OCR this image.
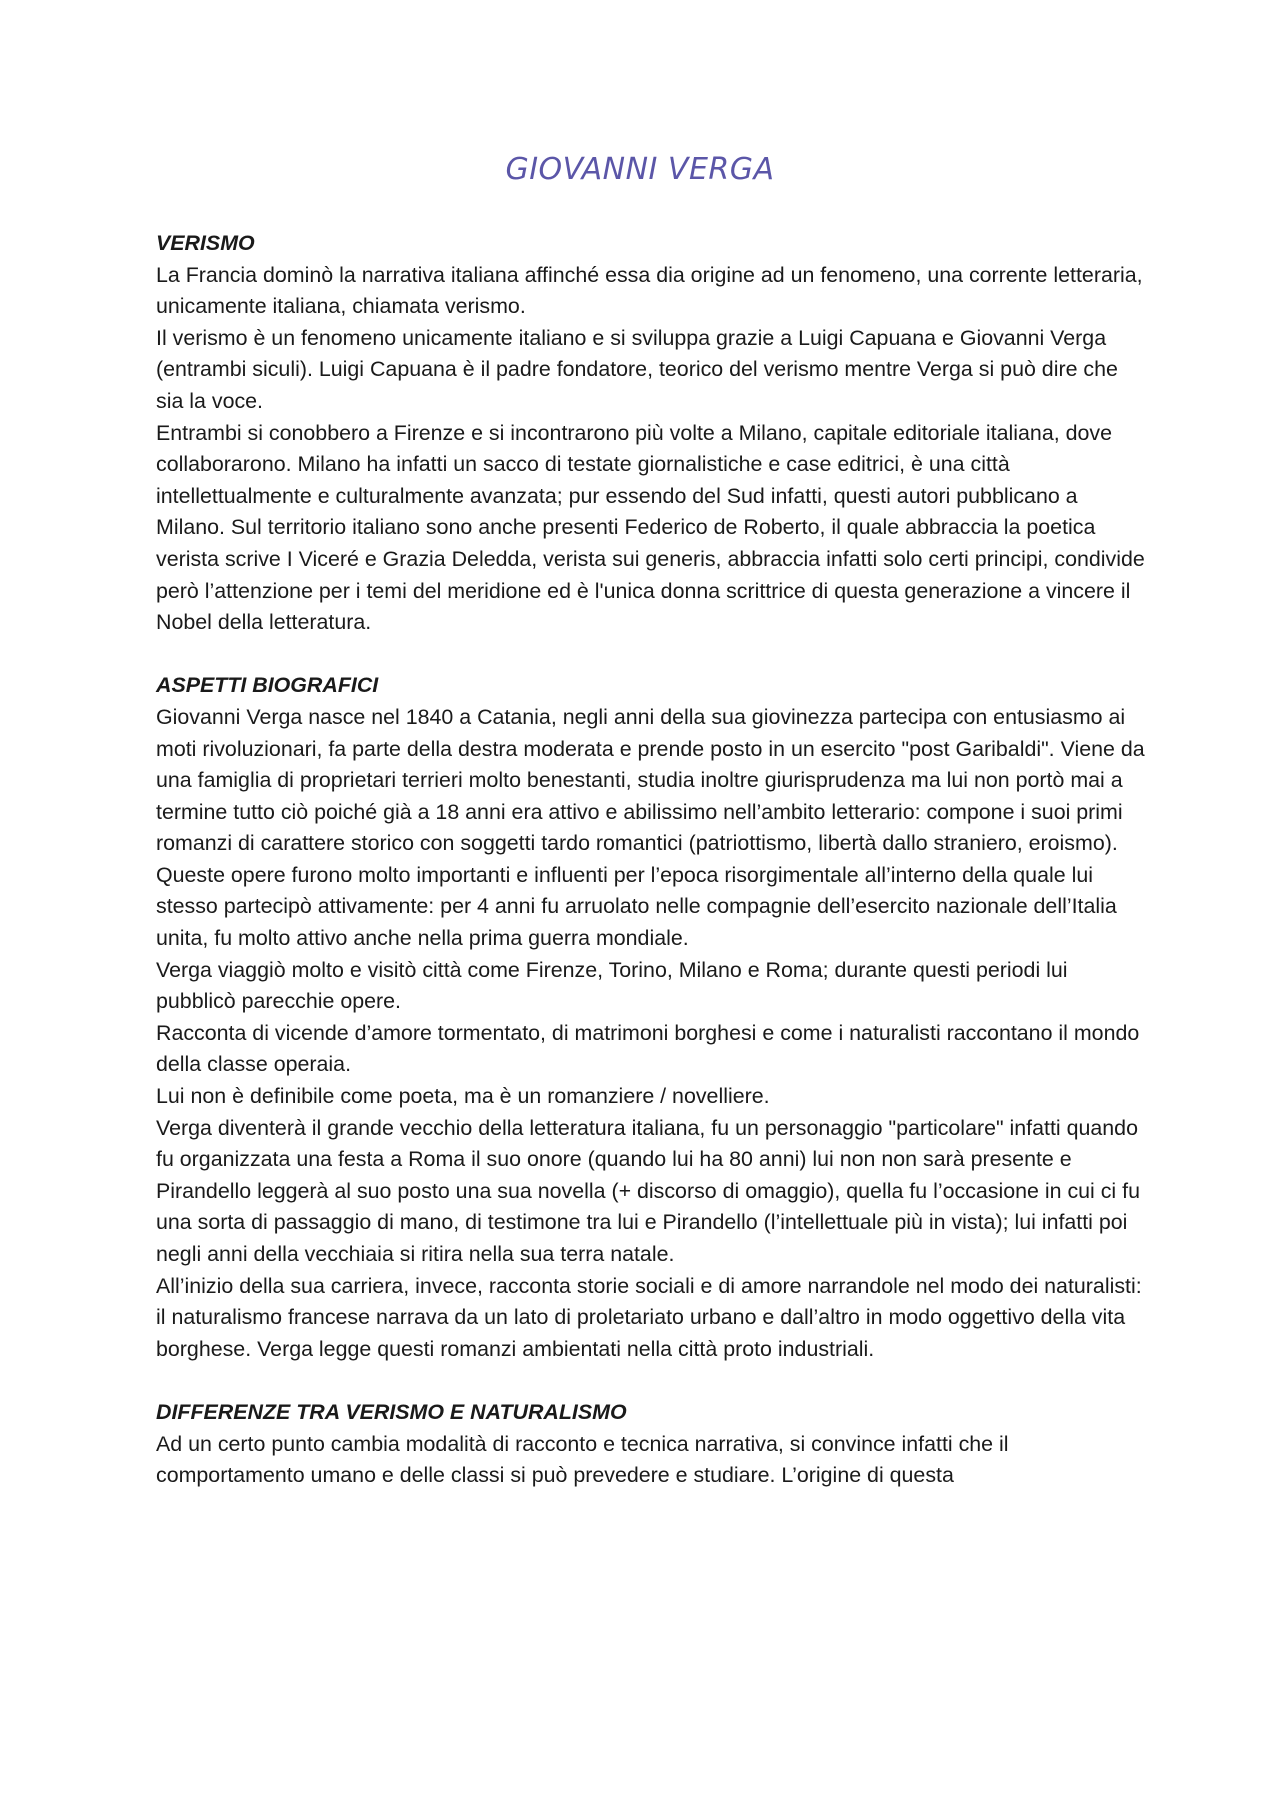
GIOVANNI VERGA

VERISMO

La Francia dominò la narrativa italiana affinché essa dia origine ad un fenomeno, una corrente letteraria, unicamente italiana, chiamata verismo.

Il verismo è un fenomeno unicamente italiano e si sviluppa grazie a Luigi Capuana e Giovanni Verga (entrambi siculi). Luigi Capuana è il padre fondatore, teorico del verismo mentre Verga si può dire che sia la voce.

Entrambi si conobbero a Firenze e si incontrarono più volte a Milano, capitale editoriale italiana, dove collaborarono. Milano ha infatti un sacco di testate giornalistiche e case editrici, è una città intellettualmente e culturalmente avanzata; pur essendo del Sud infatti, questi autori pubblicano a Milano. Sul territorio italiano sono anche presenti Federico de Roberto, il quale abbraccia la poetica verista scrive I Viceré e Grazia Deledda, verista sui generis, abbraccia infatti solo certi principi, condivide però l’attenzione per i temi del meridione ed è l'unica donna scrittrice di questa generazione a vincere il Nobel della letteratura.

ASPETTI BIOGRAFICI

Giovanni Verga nasce nel 1840 a Catania, negli anni della sua giovinezza partecipa con entusiasmo ai moti rivoluzionari, fa parte della destra moderata e prende posto in un esercito "post Garibaldi". Viene da una famiglia di proprietari terrieri molto benestanti, studia inoltre giurisprudenza ma lui non portò mai a termine tutto ciò poiché già a 18 anni era attivo e abilissimo nell’ambito letterario: compone i suoi primi romanzi di carattere storico con soggetti tardo romantici (patriottismo, libertà dallo straniero, eroismo).

Queste opere furono molto importanti e influenti per l’epoca risorgimentale all’interno della quale lui stesso partecipò attivamente: per 4 anni fu arruolato nelle compagnie dell’esercito nazionale dell’Italia unita, fu molto attivo anche nella prima guerra mondiale.

Verga viaggiò molto e visitò città come Firenze, Torino, Milano e Roma; durante questi periodi lui pubblicò parecchie opere.

Racconta di vicende d’amore tormentato, di matrimoni borghesi e come i naturalisti raccontano il mondo della classe operaia.

Lui non è definibile come poeta, ma è un romanziere / novelliere.

Verga diventerà il grande vecchio della letteratura italiana, fu un personaggio "particolare" infatti quando fu organizzata una festa a Roma il suo onore (quando lui ha 80 anni) lui non non sarà presente e Pirandello leggerà al suo posto una sua novella (+ discorso di omaggio), quella fu l’occasione in cui ci fu una sorta di passaggio di mano, di testimone tra lui e Pirandello (l’intellettuale più in vista); lui infatti poi negli anni della vecchiaia si ritira nella sua terra natale.

All’inizio della sua carriera, invece, racconta storie sociali e di amore narrandole nel modo dei naturalisti: il naturalismo francese narrava da un lato di proletariato urbano e dall’altro in modo oggettivo della vita borghese. Verga legge questi romanzi ambientati nella città proto industriali.

DIFFERENZE TRA VERISMO E NATURALISMO

Ad un certo punto cambia modalità di racconto e tecnica narrativa, si convince infatti che il comportamento umano e delle classi si può prevedere e studiare. L’origine di questa
